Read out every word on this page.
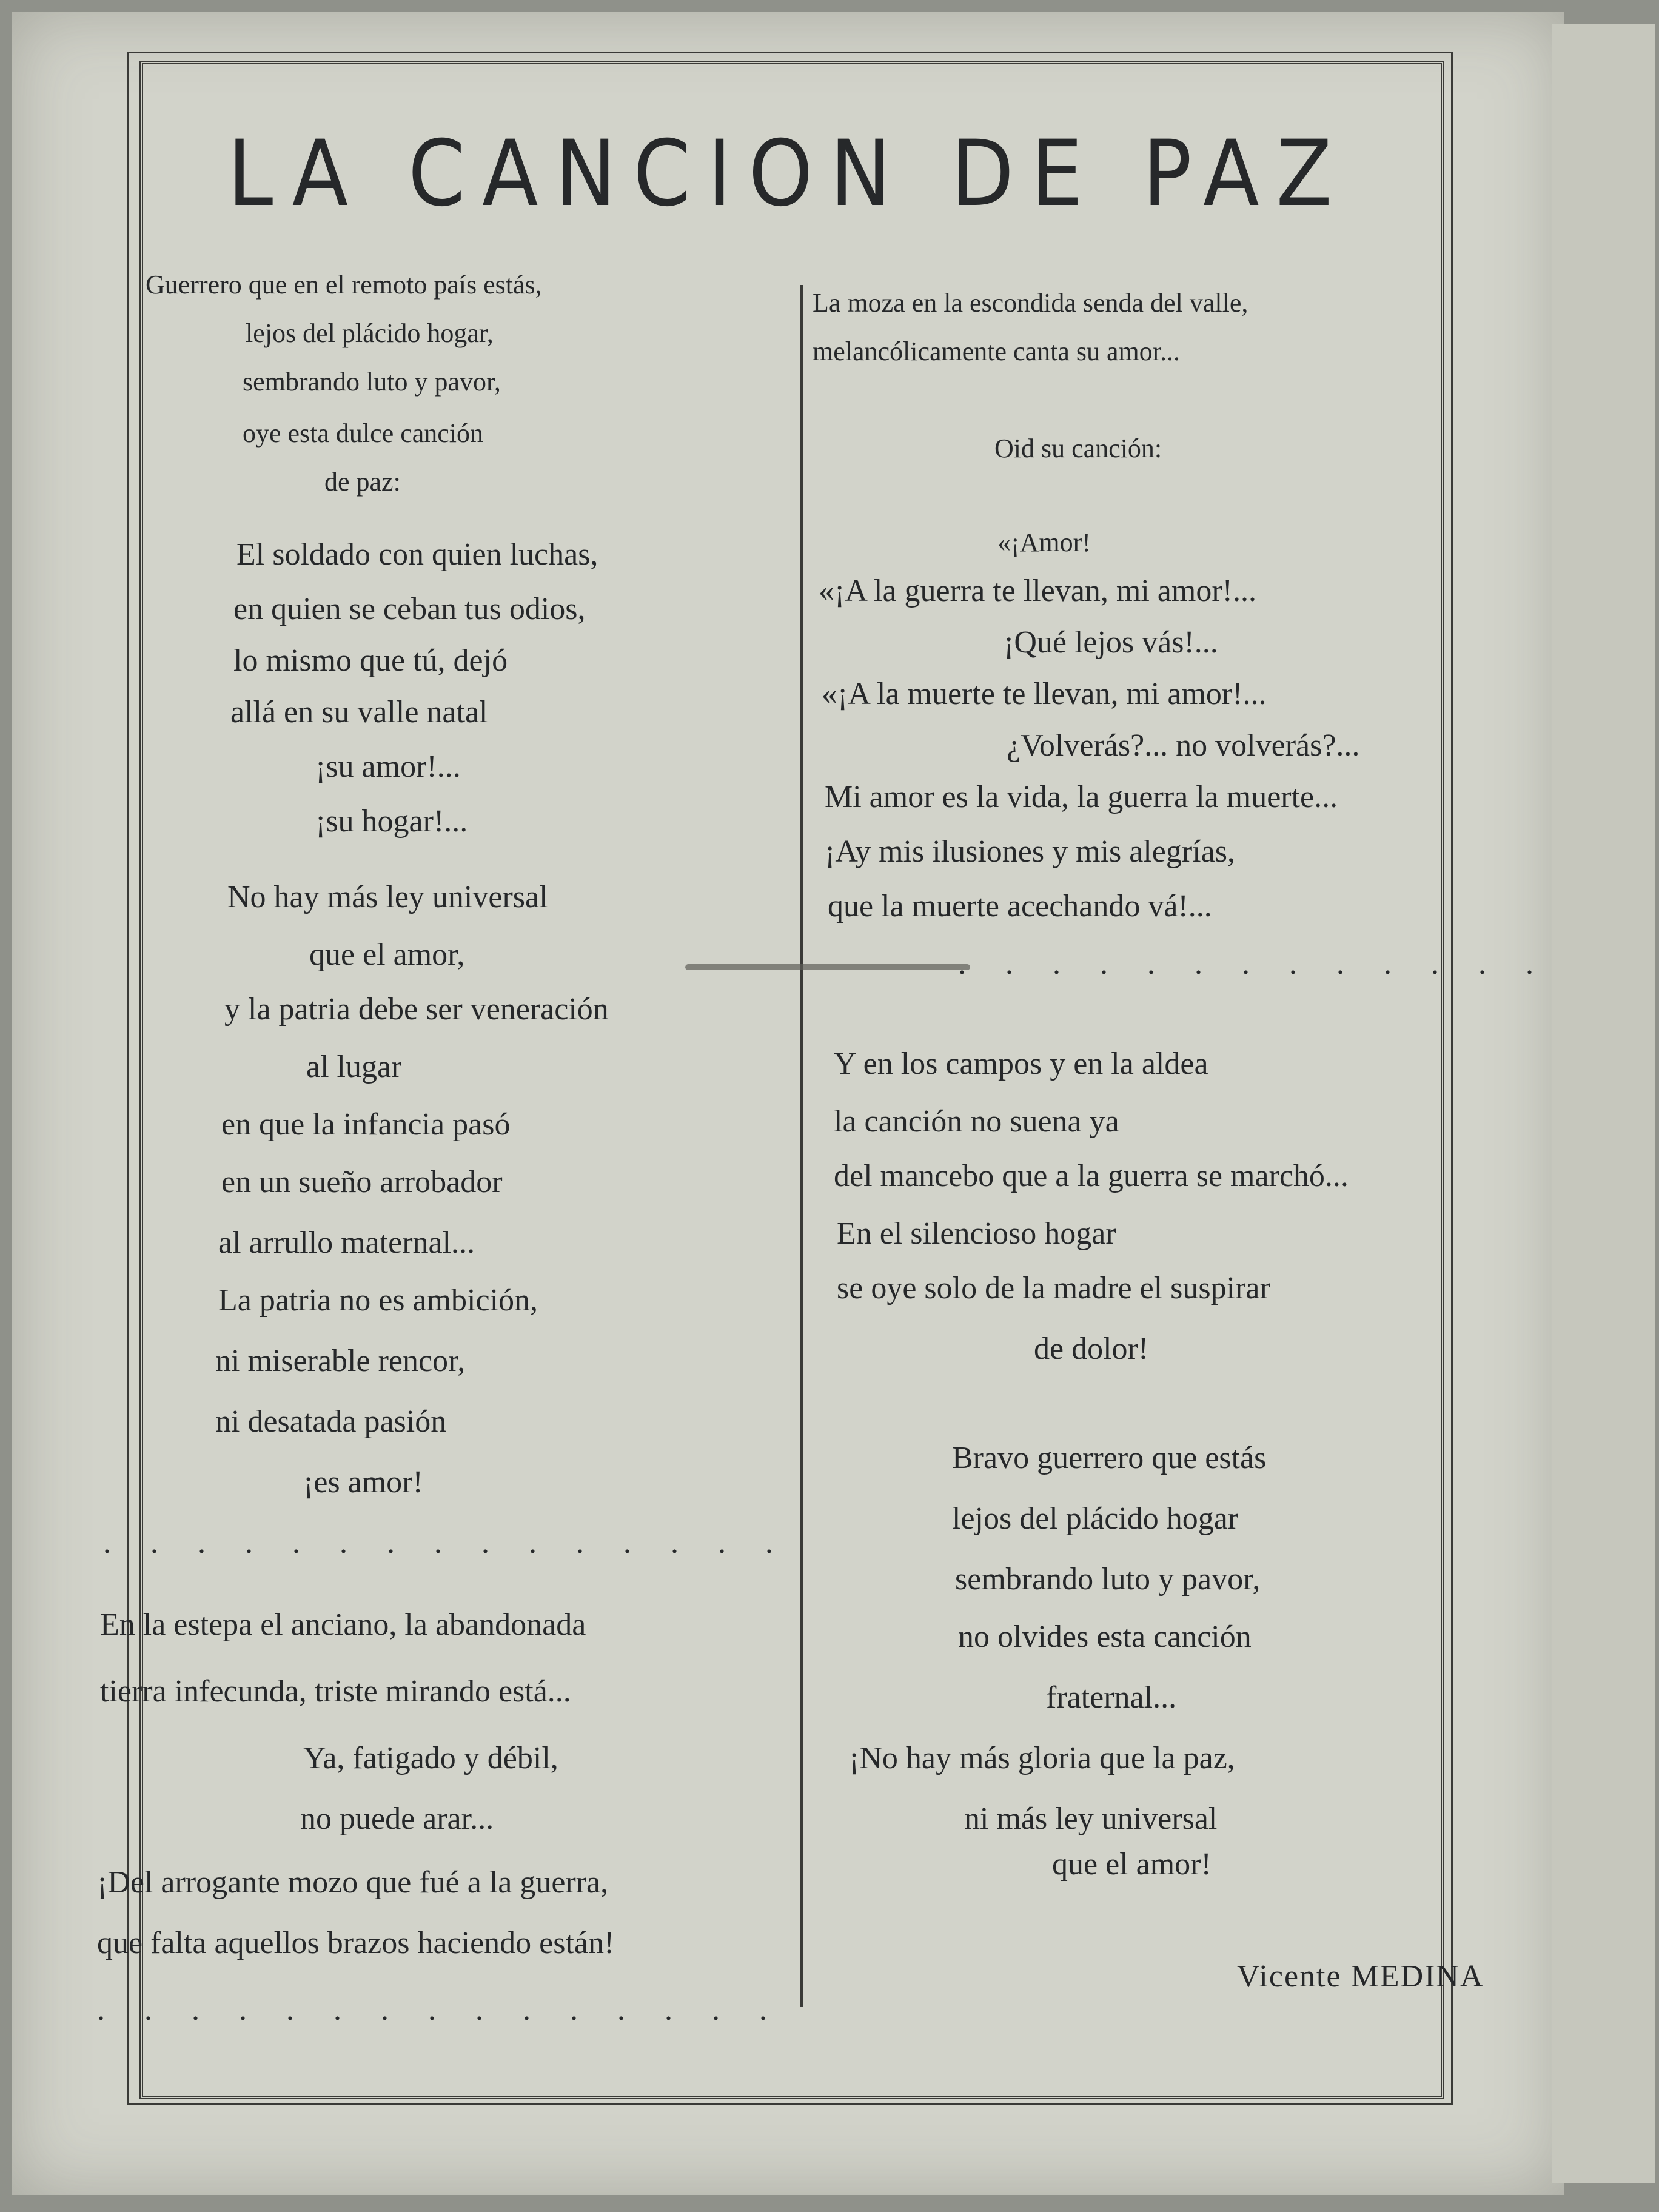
LA CANCION DE PAZ
Guerrero que en el remoto país estás,
lejos del plácido hogar,
sembrando luto y pavor,
oye esta dulce canción
de paz:
El soldado con quien luchas,
en quien se ceban tus odios,
lo mismo que tú, dejó
allá en su valle natal
¡su amor!...
¡su hogar!...
No hay más ley universal
que el amor,
y la patria debe ser veneración
al lugar
en que la infancia pasó
en un sueño arrobador
al arrullo maternal...
La patria no es ambición,
ni miserable rencor,
ni desatada pasión
¡es amor!
. . . . . . . . . . . . . . .
En la estepa el anciano, la abandonada
tierra infecunda, triste mirando está...
Ya, fatigado y débil,
no puede arar...
¡Del arrogante mozo que fué a la guerra,
que falta aquellos brazos haciendo están!
. . . . . . . . . . . . . . .
La moza en la escondida senda del valle,
melancólicamente canta su amor...
Oid su canción:
«¡Amor!
«¡A la guerra te llevan, mi amor!...
¡Qué lejos vás!...
«¡A la muerte te llevan, mi amor!...
¿Volverás?... no volverás?...
Mi amor es la vida, la guerra la muerte...
¡Ay mis ilusiones y mis alegrías,
que la muerte acechando vá!...
. . . . . . . . . . . . .
Y en los campos y en la aldea
la canción no suena ya
del mancebo que a la guerra se marchó...
En el silencioso hogar
se oye solo de la madre el suspirar
de dolor!
Bravo guerrero que estás
lejos del plácido hogar
sembrando luto y pavor,
no olvides esta canción
fraternal...
¡No hay más gloria que la paz,
ni más ley universal
que el amor!
Vicente MEDINA
